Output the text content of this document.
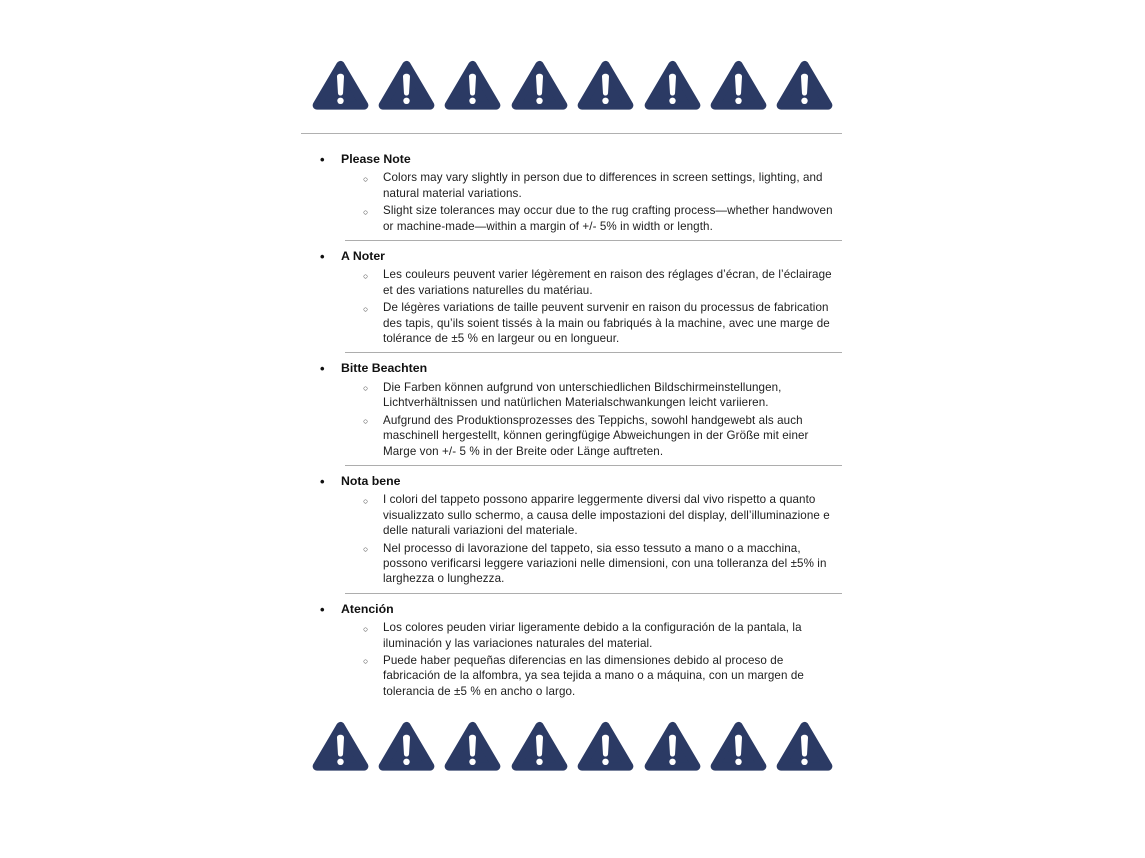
• Please Note
○ Colors may vary slightly in person due to differences in screen settings, lighting, and natural material variations.
○ Slight size tolerances may occur due to the rug crafting process—whether handwoven or machine-made—within a margin of +/- 5% in width or length.
• A Noter
○ Les couleurs peuvent varier légèrement en raison des réglages d’écran, de l’éclairage et des variations naturelles du matériau.
○ De légères variations de taille peuvent survenir en raison du processus de fabrication des tapis, qu’ils soient tissés à la main ou fabriqués à la machine, avec une marge de tolérance de ±5 % en largeur ou en longueur.
• Bitte Beachten
○ Die Farben können aufgrund von unterschiedlichen Bildschirmeinstellungen, Lichtverhältnissen und natürlichen Materialschwankungen leicht variieren.
○ Aufgrund des Produktionsprozesses des Teppichs, sowohl handgewebt als auch maschinell hergestellt, können geringfügige Abweichungen in der Größe mit einer Marge von +/- 5 % in der Breite oder Länge auftreten.
• Nota bene
○ I colori del tappeto possono apparire leggermente diversi dal vivo rispetto a quanto visualizzato sullo schermo, a causa delle impostazioni del display, dell’illuminazione e delle naturali variazioni del materiale.
○ Nel processo di lavorazione del tappeto, sia esso tessuto a mano o a macchina, possono verificarsi leggere variazioni nelle dimensioni, con una tolleranza del ±5% in larghezza o lunghezza.
• Atención
○ Los colores peuden viriar ligeramente debido a la configuración de la pantala, la iluminación y las variaciones naturales del material.
○ Puede haber pequeñas diferencias en las dimensiones debido al proceso de fabricación de la alfombra, ya sea tejida a mano o a máquina, con un margen de tolerancia de ±5 % en ancho o largo.
